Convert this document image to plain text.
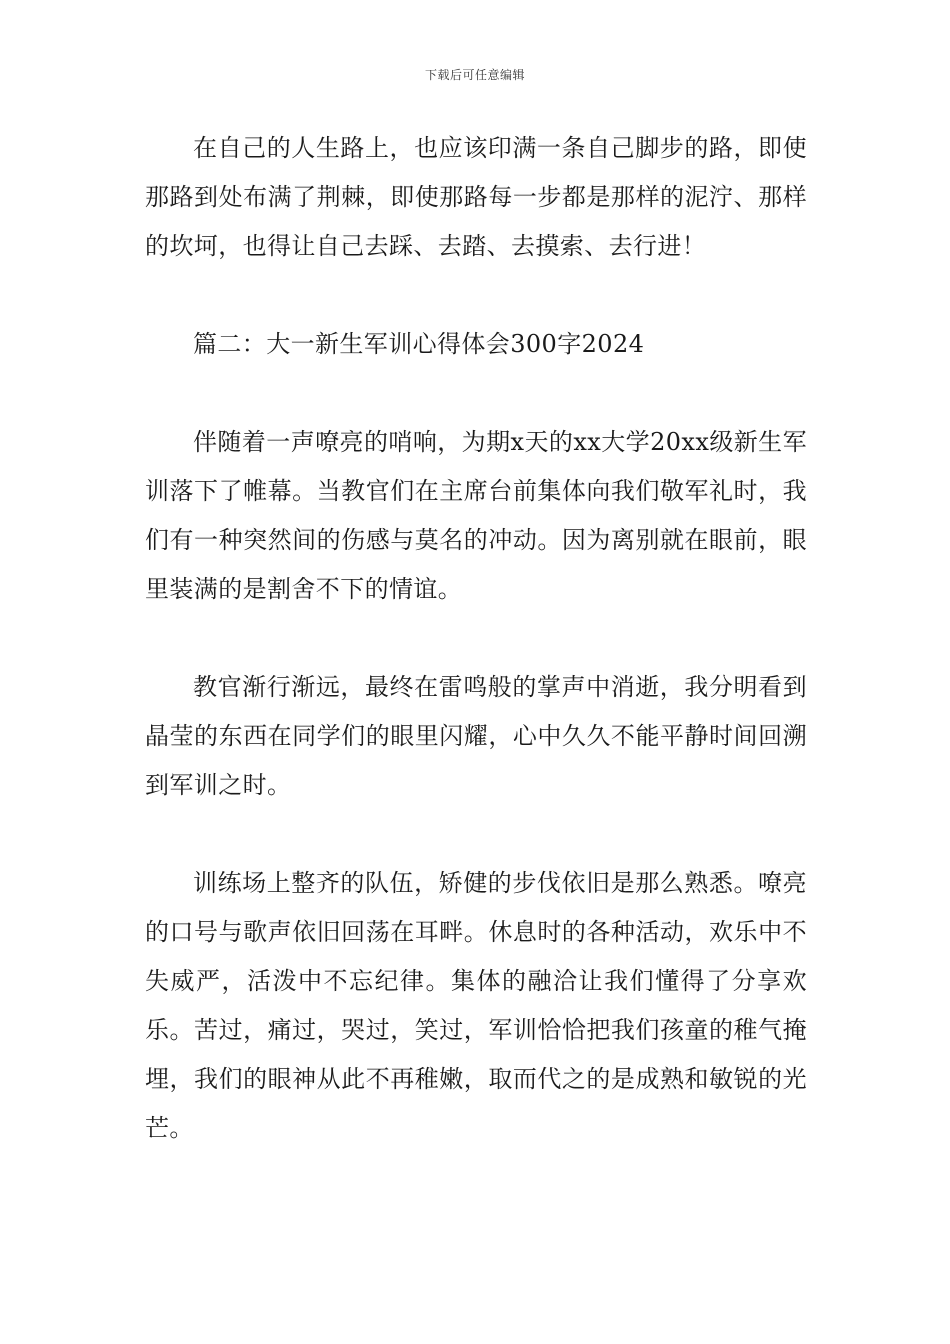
下载后可任意编辑

在自己的人生路上，也应该印满一条自己脚步的路，即使那路到处布满了荆棘，即使那路每一步都是那样的泥泞、那样的坎坷，也得让自己去踩、去踏、去摸索、去行进！

篇二：大一新生军训心得体会300字2024

伴随着一声嘹亮的哨响，为期x天的xx大学20xx级新生军训落下了帷幕。当教官们在主席台前集体向我们敬军礼时，我们有一种突然间的伤感与莫名的冲动。因为离别就在眼前，眼里装满的是割舍不下的情谊。

教官渐行渐远，最终在雷鸣般的掌声中消逝，我分明看到晶莹的东西在同学们的眼里闪耀，心中久久不能平静时间回溯到军训之时。

训练场上整齐的队伍，矫健的步伐依旧是那么熟悉。嘹亮的口号与歌声依旧回荡在耳畔。休息时的各种活动，欢乐中不失威严，活泼中不忘纪律。集体的融洽让我们懂得了分享欢乐。苦过，痛过，哭过，笑过，军训恰恰把我们孩童的稚气掩埋，我们的眼神从此不再稚嫩，取而代之的是成熟和敏锐的光芒。
